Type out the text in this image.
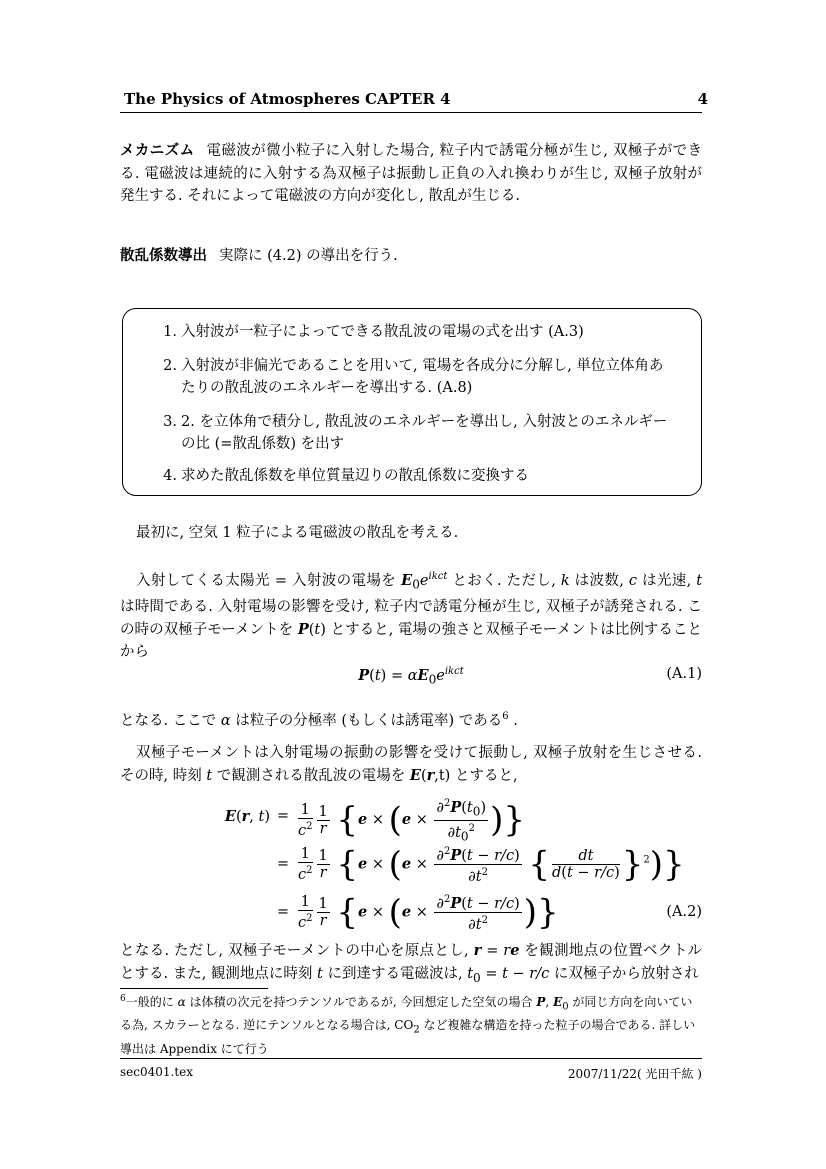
The Physics of Atmospheres CAPTER 4	4
メカニズム 電磁波が微小粒子に入射した場合, 粒子内で誘電分極が生じ, 双極子ができる. 電磁波は連続的に入射する為双極子は振動し正負の入れ換わりが生じ, 双極子放射が発生する. それによって電磁波の方向が変化し, 散乱が生じる.
散乱係数導出 実際に (4.2) の導出を行う.
1. 入射波が一粒子によってできる散乱波の電場の式を出す (A.3)
2. 入射波が非偏光であることを用いて, 電場を各成分に分解し, 単位立体角あたりの散乱波のエネルギーを導出する. (A.8)
3. 2. を立体角で積分し, 散乱波のエネルギーを導出し, 入射波とのエネルギーの比 (=散乱係数) を出す
4. 求めた散乱係数を単位質量辺りの散乱係数に変換する
最初に, 空気 1 粒子による電磁波の散乱を考える.
入射してくる太陽光 = 入射波の電場を $E_0e^{ikct}$ とおく. ただし, k は波数, c は光速, t は時間である. 入射電場の影響を受け, 粒子内で誘電分極が生じ, 双極子が誘発される. この時の双極子モーメントを P(t) とすると, 電場の強さと双極子モーメントは比例することから
$P(t) = \alpha E_0e^{ikct}$	(A.1)
となる. ここで α は粒子の分極率 (もしくは誘電率) である$^6$ .
双極子モーメントは入射電場の振動の影響を受けて振動し, 双極子放射を生じさせる. その時, 時刻 t で観測される散乱波の電場を E(r,t) とすると,
E(r, $t) = \frac{1}{c^2} \frac{1}{r} \{e \times (e \times \frac{\partial^2P(t_0)}{\partial t_0^2}$ )}
= $\frac{1}{c^2} \frac{1}{r} \{e \times (e \times \frac{\partial^2P(t - r/c)}{\partial t^2}$ { $\frac{dt}{d(t - r/c)} \}^2$)}
= $\frac{1}{c^2} \frac{1}{r} \{e \times (e \times \frac{\partial^2P(t - r/c)}{\partial t^2}$ )}	(A.2)
となる. ただし, 双極子モーメントの中心を原点とし, r = re を観測地点の位置ベクトルとする. また, 観測地点に時刻 t に到達する電磁波は, $t_0 = t - r/c$ に双極子から放射され
$^6$一般的に α は体積の次元を持つテンソルであるが, 今回想定した空気の場合 P, $E_0$ が同じ方向を向いている為, スカラーとなる. 逆にテンソルとなる場合は, $CO_2$ など複雑な構造を持った粒子の場合である. 詳しい導出は Appendix にて行う
sec0401.tex	2007/11/22( 光田千紘 )
